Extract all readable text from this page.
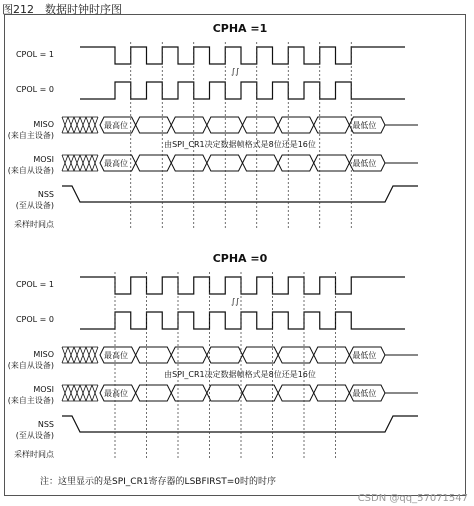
图212　数据时钟时序图
CPHA =1
CPOL = 1
CPOL = 0
MISO
(来自主设备)
MOSI
(来自从设备)
NSS
(至从设备)
采样时间点
最高位	最低位
由SPI_CR1决定数据帧格式是8位还是16位
最高位	最低位
∫∫
CPHA =0
CPOL = 1
CPOL = 0
MISO
(来自从设备)
MOSI
(来自主设备)
NSS
(至从设备)
采样时间点
最高位	最低位
由SPI_CR1决定数据帧格式是8位还是16位
最高位	最低位
∫∫
注：这里显示的是SPI_CR1寄存器的LSBFIRST=0时的时序
CSDN @qq_57071547
